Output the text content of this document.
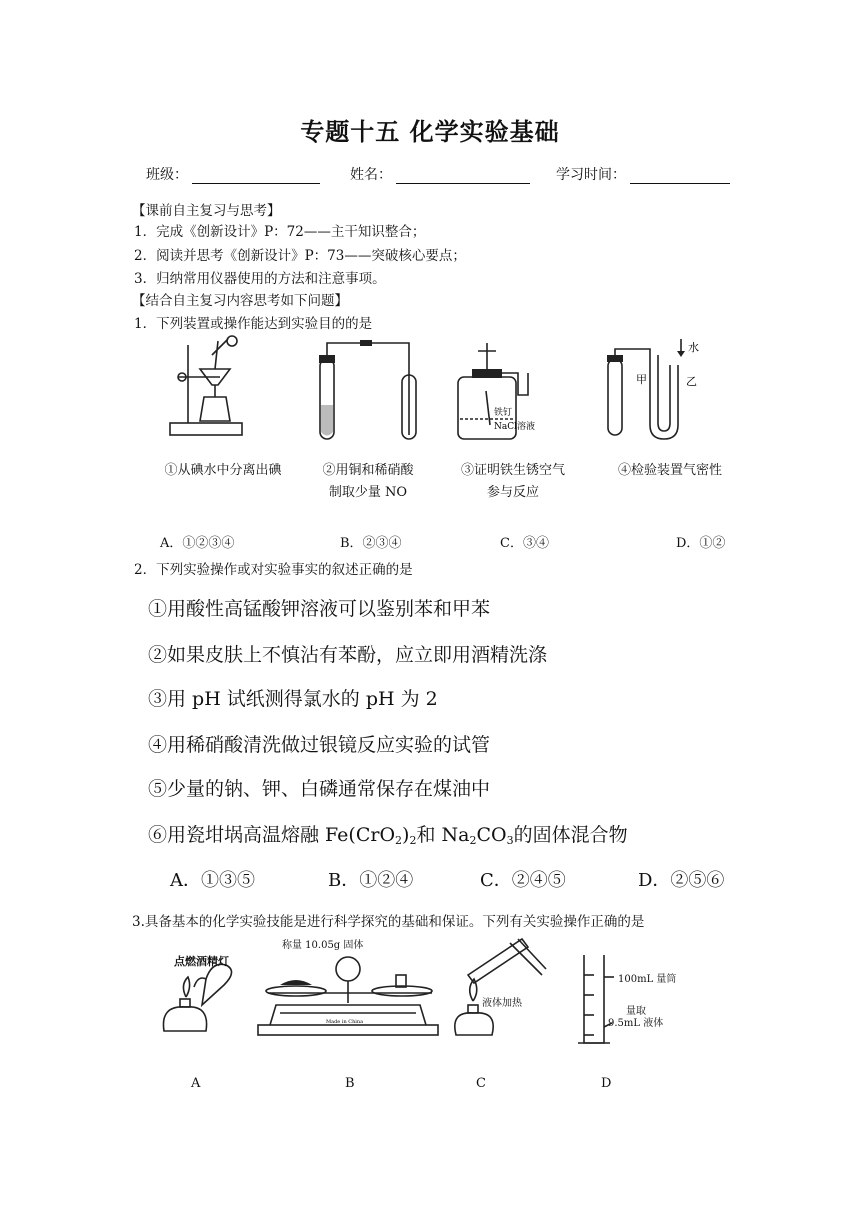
专题十五 化学实验基础
班级：	姓名：	学习时间：
【课前自主复习与思考】
1．完成《创新设计》P：72——主干知识整合；
2．阅读并思考《创新设计》P：73——突破核心要点；
3．归纳常用仪器使用的方法和注意事项。
【结合自主复习内容思考如下问题】
1．下列装置或操作能达到实验目的的是
铁钉
NaCl溶液
水
甲	乙
①从碘水中分离出碘	②用铜和稀硝酸
制取少量 NO
③证明铁生锈空气
参与反应
④检验装置气密性
A．①②③④	B．②③④	C．③④	D．①②
2．下列实验操作或对实验事实的叙述正确的是
①用酸性高锰酸钾溶液可以鉴别苯和甲苯
②如果皮肤上不慎沾有苯酚，应立即用酒精洗涤
③用 pH 试纸测得氯水的 pH 为 2
④用稀硝酸清洗做过银镜反应实验的试管
⑤少量的钠、钾、白磷通常保存在煤油中
⑥用瓷坩埚高温熔融 $Fe(CrO_2)_2$和 $Na_2CO_3$的固体混合物
A．①③⑤	B．①②④	C．②④⑤	D．②⑤⑥
3.具备基本的化学实验技能是进行科学探究的基础和保证。下列有关实验操作正确的是
Made in China
点燃酒精灯
称量 10.05g 固体
液体加热
100mL 量筒
量取
9.5mL 液体
A	B	C	D
